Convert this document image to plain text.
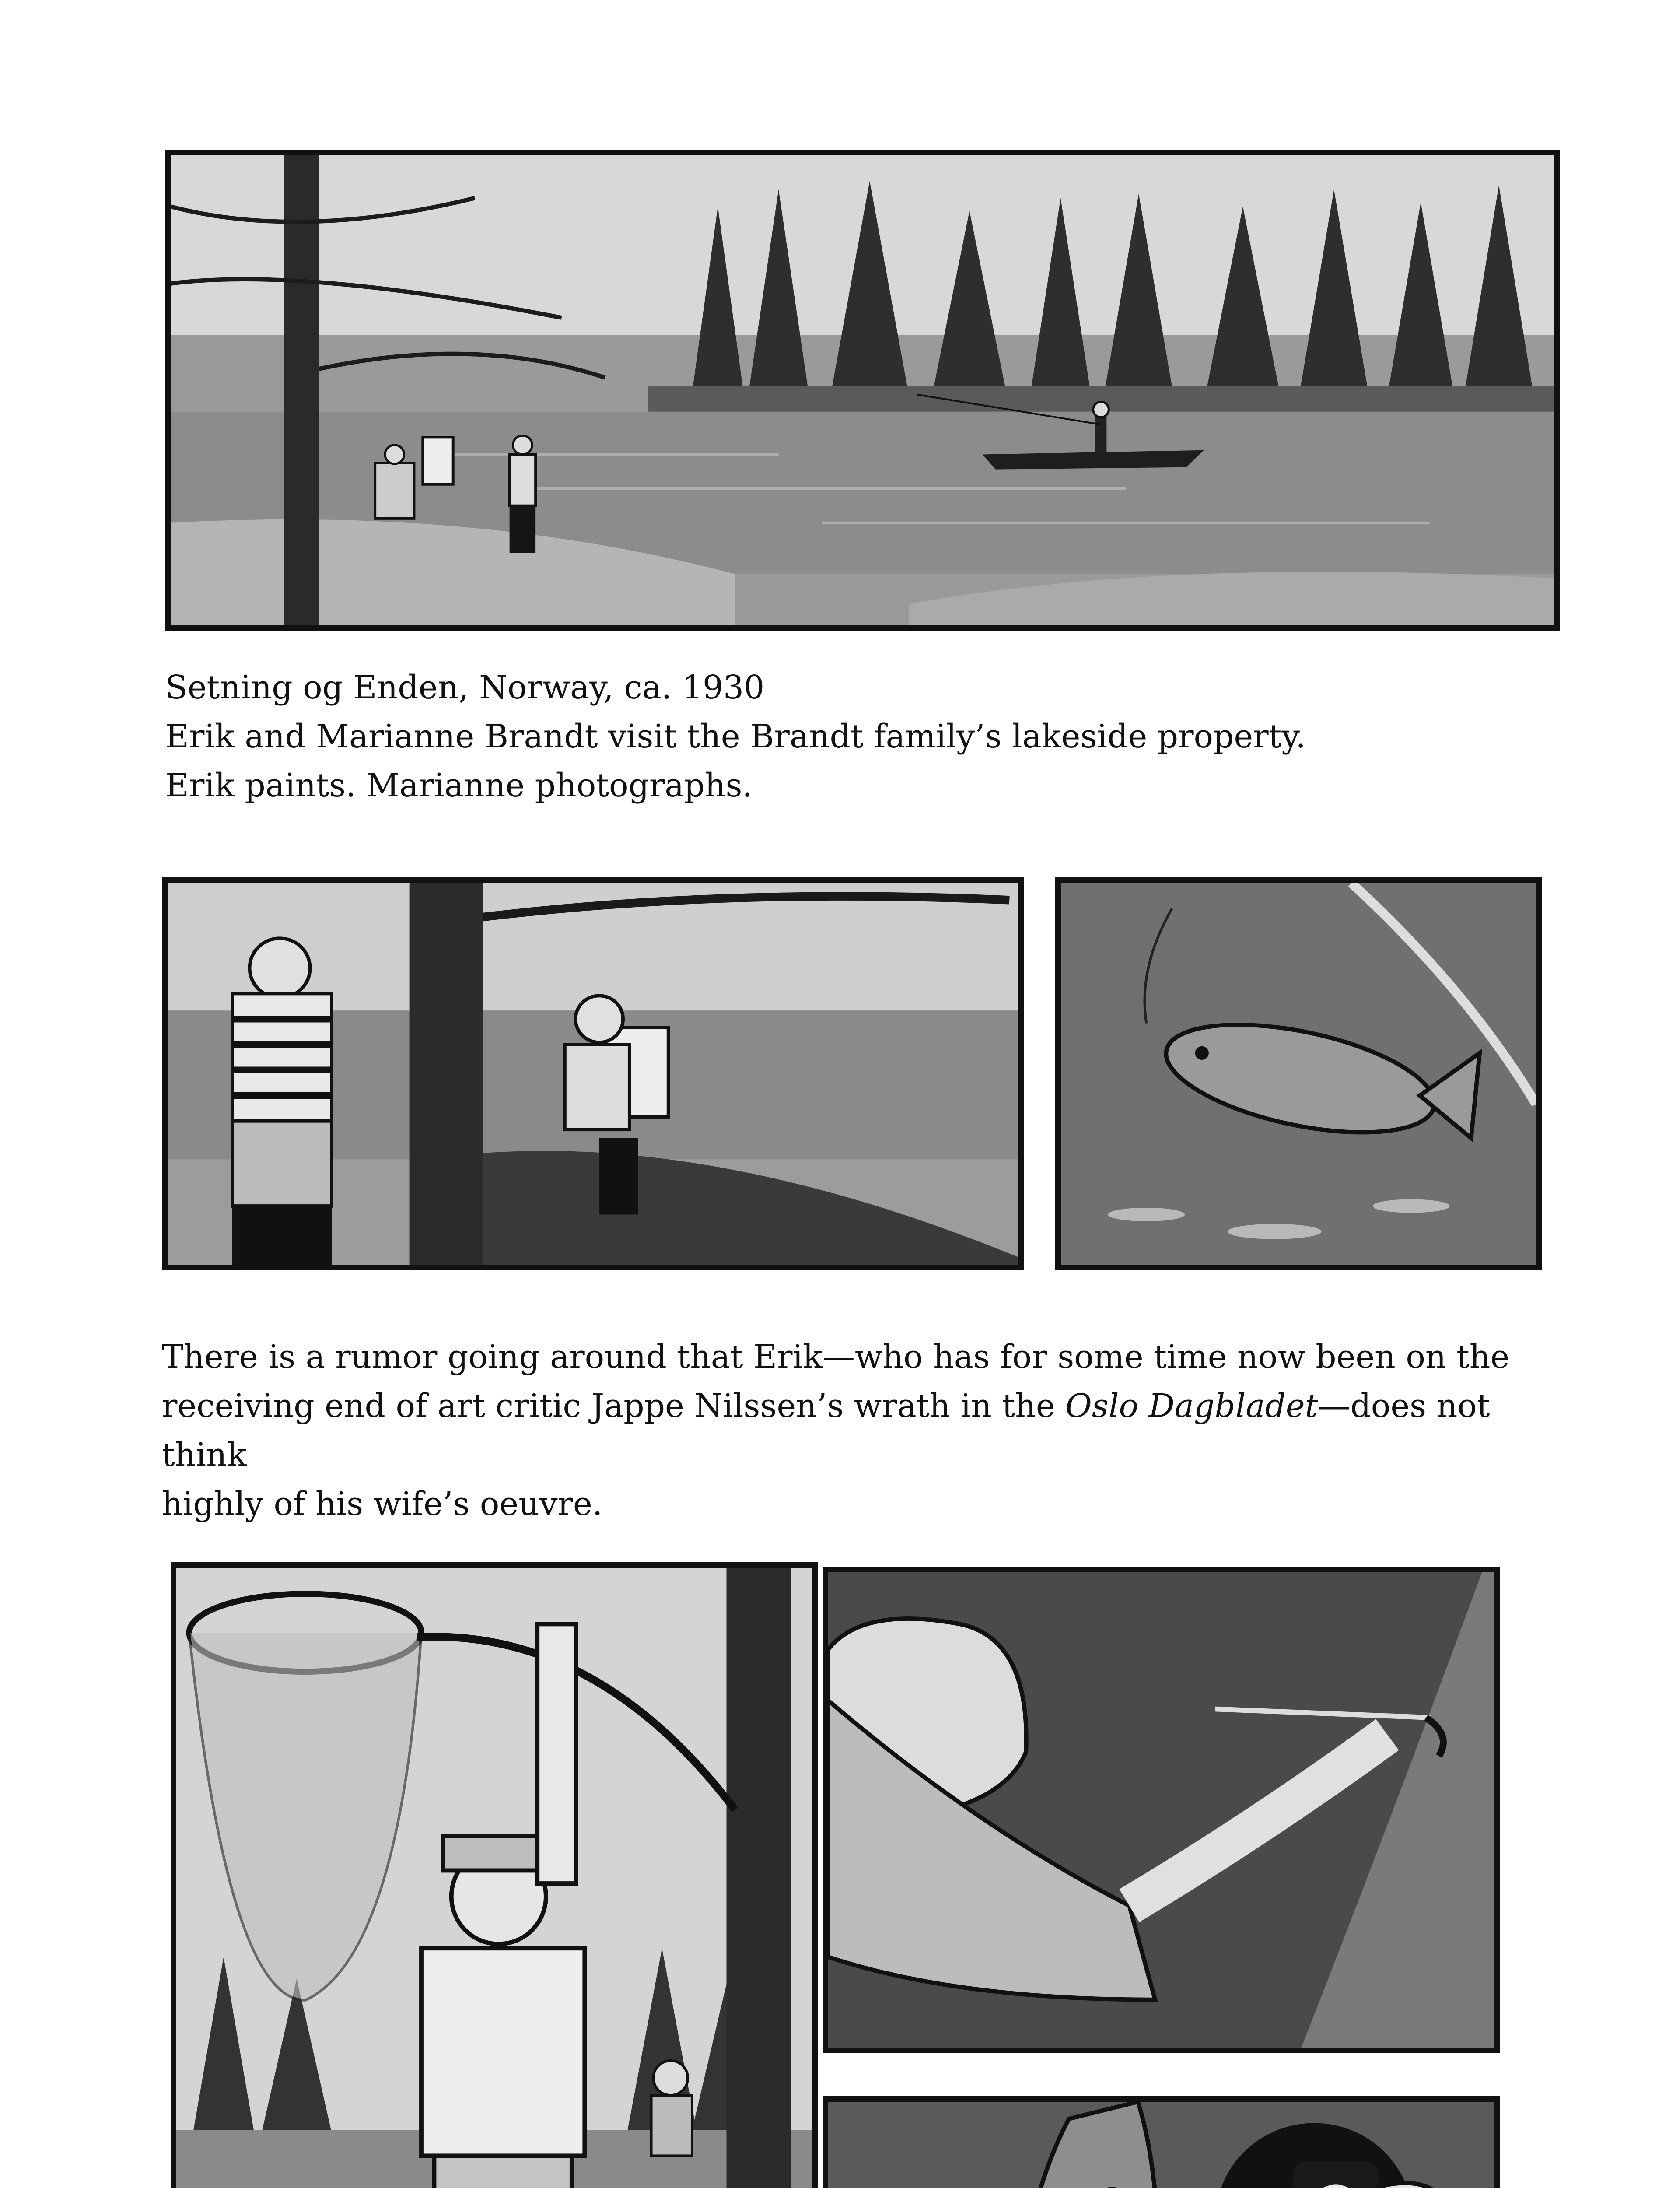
Setning og Enden, Norway, ca. 1930

Erik and Marianne Brandt visit the Brandt family’s lakeside property.

Erik paints. Marianne photographs.

There is a rumor going around that Erik—who has for some time now been on the

receiving end of art critic Jappe Nilssen’s wrath in the Oslo Dagbladet—does not think

highly of his wife’s oeuvre.
